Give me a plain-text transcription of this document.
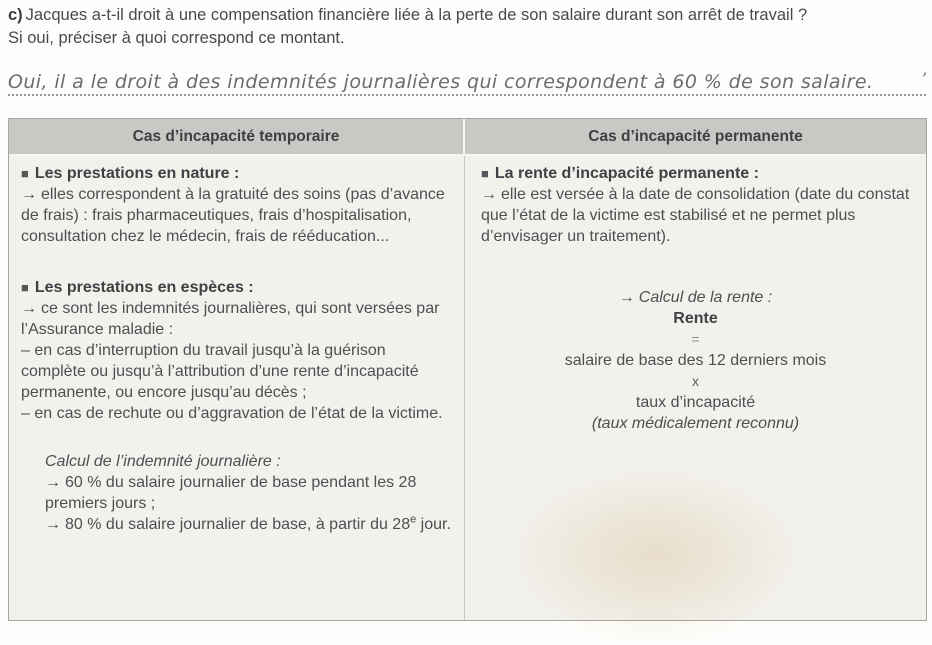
c) Jacques a-t-il droit à une compensation financière liée à la perte de son salaire durant son arrêt de travail ?
Si oui, préciser à quoi correspond ce montant.
Oui, il a le droit à des indemnités journalières qui correspondent à 60 % de son salaire.	’
Cas d’incapacité temporaire	Cas d’incapacité permanente
■ Les prestations en nature :
→ elles correspondent à la gratuité des soins (pas d’avance de frais) : frais pharmaceutiques, frais d’hospitalisation, consultation chez le médecin, frais de rééducation...
■ Les prestations en espèces :
→ ce sont les indemnités journalières, qui sont versées par l’Assurance maladie :
– en cas d’interruption du travail jusqu’à la guérison complète ou jusqu’à l’attribution d’une rente d’incapacité permanente, ou encore jusqu’au décès ;
– en cas de rechute ou d’aggravation de l’état de la victime.
Calcul de l’indemnité journalière :
→ 60 % du salaire journalier de base pendant les 28 premiers jours ;
→ 80 % du salaire journalier de base, à partir du 28e jour.
■ La rente d’incapacité permanente :
→ elle est versée à la date de consolidation (date du constat que l’état de la victime est stabilisé et ne permet plus d’envisager un traitement).
→ Calcul de la rente :
Rente
=
salaire de base des 12 derniers mois
x
taux d’incapacité
(taux médicalement reconnu)
